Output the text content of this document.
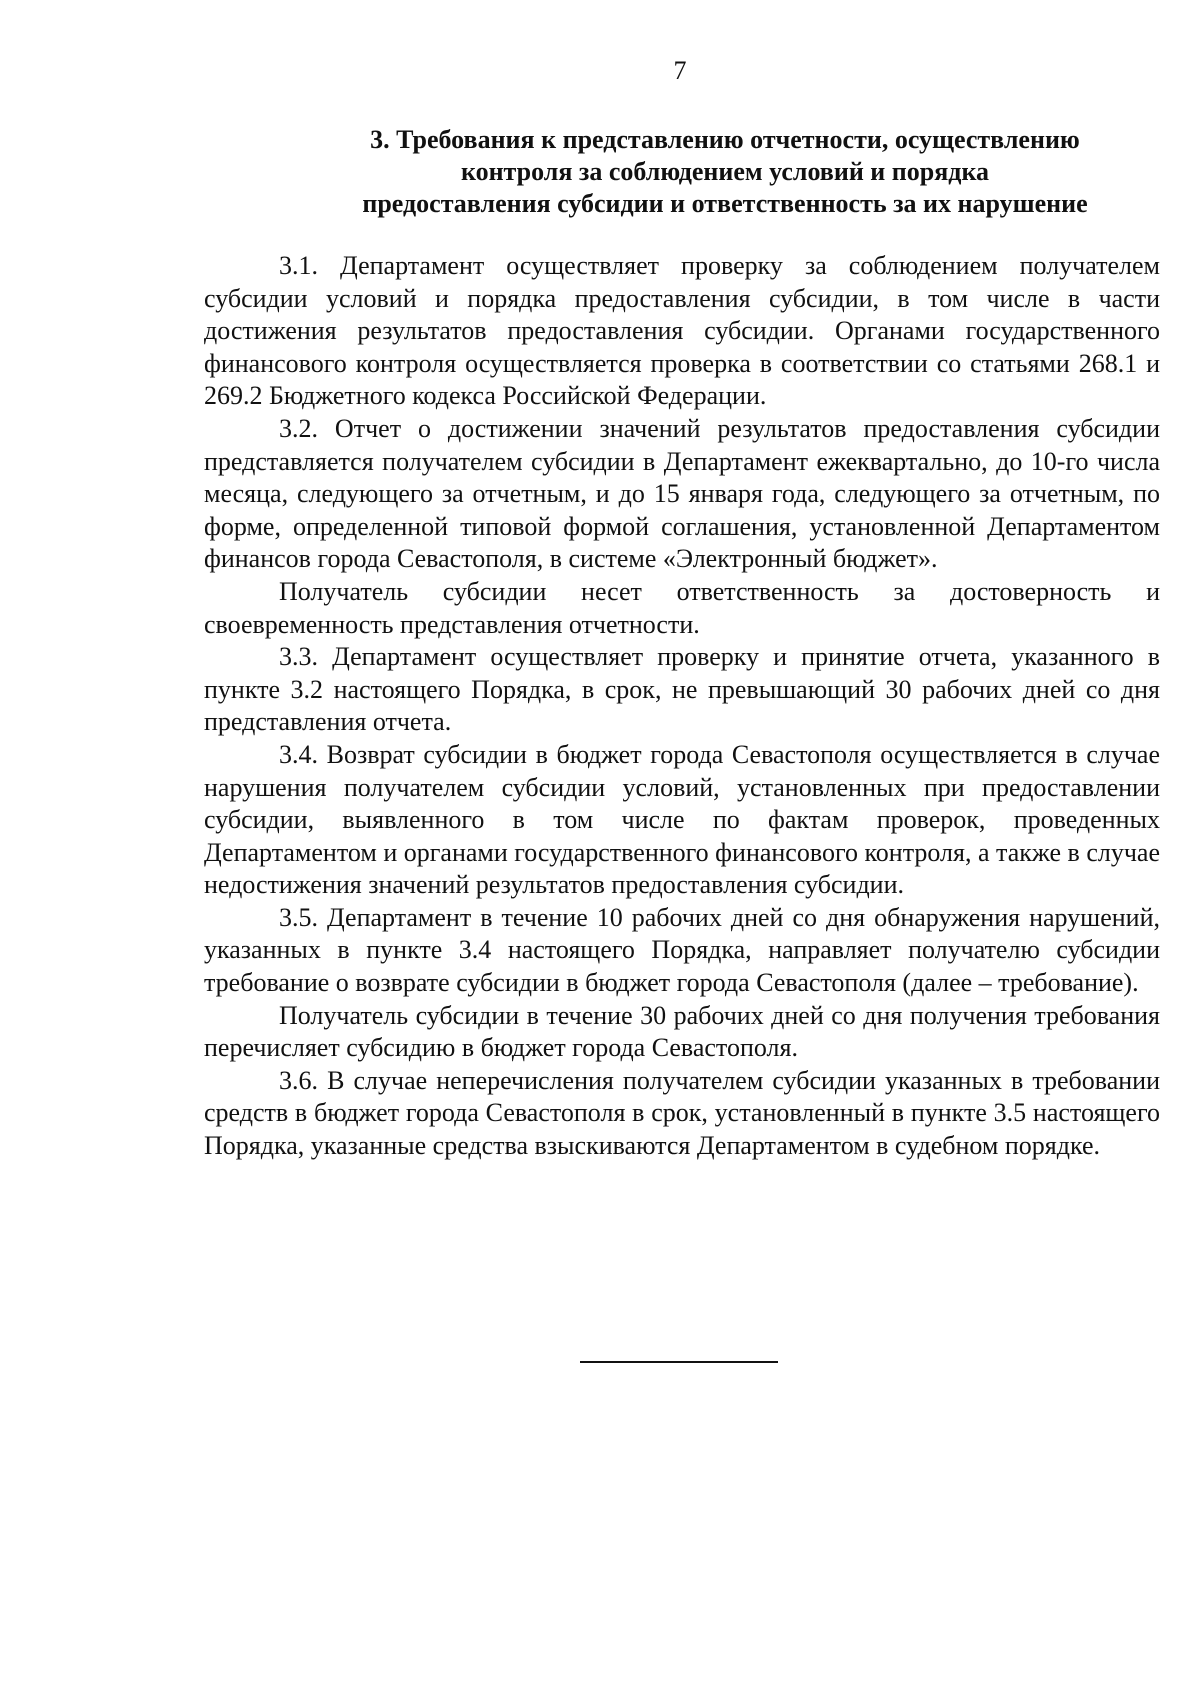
7
3. Требования к представлению отчетности, осуществлению
контроля за соблюдением условий и порядка
предоставления субсидии и ответственность за их нарушение

3.1. Департамент осуществляет проверку за соблюдением получателем субсидии условий и порядка предоставления субсидии, в том числе в части достижения результатов предоставления субсидии. Органами государственного финансового контроля осуществляется проверка в соответствии со статьями 268.1 и 269.2 Бюджетного кодекса Российской Федерации.

3.2. Отчет о достижении значений результатов предоставления субсидии представляется получателем субсидии в Департамент ежеквартально, до 10-го числа месяца, следующего за отчетным, и до 15 января года, следующего за отчетным, по форме, определенной типовой формой соглашения, установленной Департаментом финансов города Севастополя, в системе «Электронный бюджет».

Получатель субсидии несет ответственность за достоверность и своевременность представления отчетности.

3.3. Департамент осуществляет проверку и принятие отчета, указанного в пункте 3.2 настоящего Порядка, в срок, не превышающий 30 рабочих дней со дня представления отчета.

3.4. Возврат субсидии в бюджет города Севастополя осуществляется в случае нарушения получателем субсидии условий, установленных при предоставлении субсидии, выявленного в том числе по фактам проверок, проведенных Департаментом и органами государственного финансового контроля, а также в случае недостижения значений результатов предоставления субсидии.

3.5. Департамент в течение 10 рабочих дней со дня обнаружения нарушений, указанных в пункте 3.4 настоящего Порядка, направляет получателю субсидии требование о возврате субсидии в бюджет города Севастополя (далее – требование).

Получатель субсидии в течение 30 рабочих дней со дня получения требования перечисляет субсидию в бюджет города Севастополя.

3.6. В случае неперечисления получателем субсидии указанных в требовании средств в бюджет города Севастополя в срок, установленный в пункте 3.5 настоящего Порядка, указанные средства взыскиваются Департаментом в судебном порядке.
